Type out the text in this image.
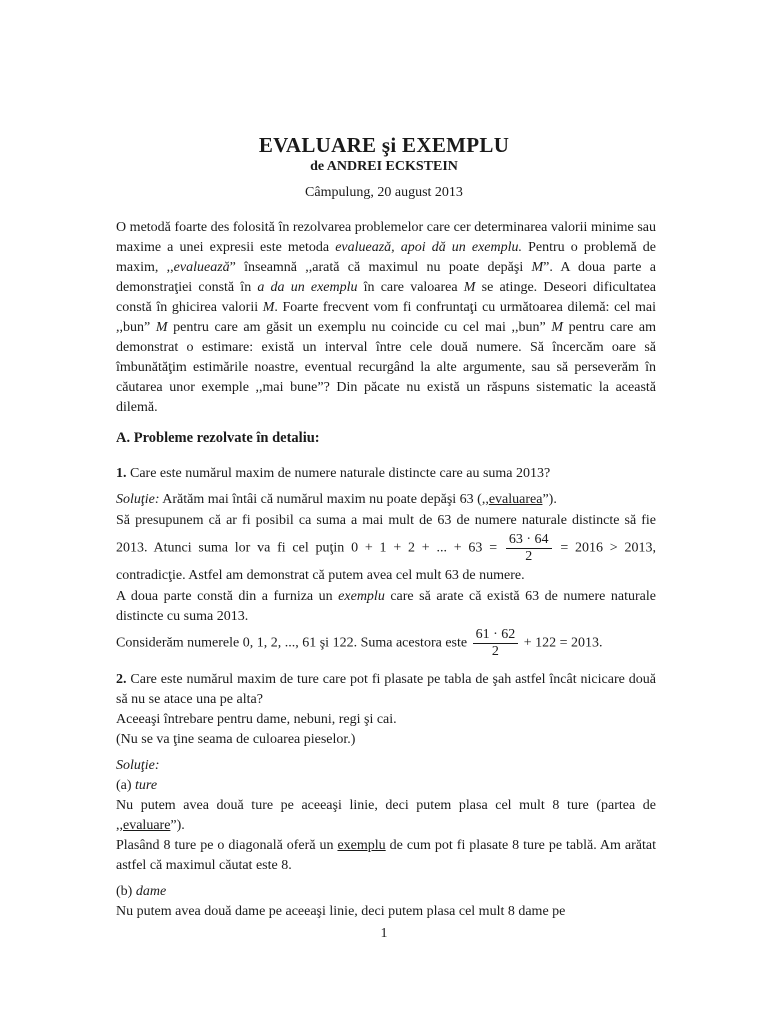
EVALUARE şi EXEMPLU
de ANDREI ECKSTEIN
Câmpulung, 20 august 2013

O metodă foarte des folosită în rezolvarea problemelor care cer determinarea valorii minime sau maxime a unei expresii este metoda evaluează, apoi dă un exemplu. Pentru o problemă de maxim, ,,evaluează” înseamnă ,,arată că maximul nu poate depăşi M”. A doua parte a demonstraţiei constă în a da un exemplu în care valoarea M se atinge. Deseori dificultatea constă în ghicirea valorii M. Foarte frecvent vom fi confruntaţi cu următoarea dilemă: cel mai ,,bun” M pentru care am găsit un exemplu nu coincide cu cel mai ,,bun” M pentru care am demonstrat o estimare: există un interval între cele două numere. Să încercăm oare să îmbunătăţim estimările noastre, eventual recurgând la alte argumente, sau să perseverăm în căutarea unor exemple ,,mai bune”? Din păcate nu există un răspuns sistematic la această dilemă.

A. Probleme rezolvate în detaliu:

1. Care este numărul maxim de numere naturale distincte care au suma 2013?

Soluţie: Arătăm mai întâi că numărul maxim nu poate depăşi 63 (,,evaluarea”).

Să presupunem că ar fi posibil ca suma a mai mult de 63 de numere naturale distincte să fie 2013. Atunci suma lor va fi cel puţin 0 + 1 + 2 + ... + $63 = \frac{63 \cdot 64}{2} = 2016 > 2013$, contradicţie. Astfel am demonstrat că putem avea cel mult 63 de numere.

A doua parte constă din a furniza un exemplu care să arate că există 63 de numere naturale distincte cu suma 2013.

Considerăm numerele 0, 1, 2, ..., 61 şi 122. Suma acestora este $\frac{61 \cdot 62}{2} + 122 = 2013$.

2. Care este numărul maxim de ture care pot fi plasate pe tabla de şah astfel încât nicicare două să nu se atace una pe alta?

Aceeaşi întrebare pentru dame, nebuni, regi şi cai.

(Nu se va ţine seama de culoarea pieselor.)

Soluţie:

(a) ture

Nu putem avea două ture pe aceeaşi linie, deci putem plasa cel mult 8 ture (partea de ,,evaluare”).

Plasând 8 ture pe o diagonală oferă un exemplu de cum pot fi plasate 8 ture pe tablă. Am arătat astfel că maximul căutat este 8.

(b) dame

Nu putem avea două dame pe aceeaşi linie, deci putem plasa cel mult 8 dame pe

1
